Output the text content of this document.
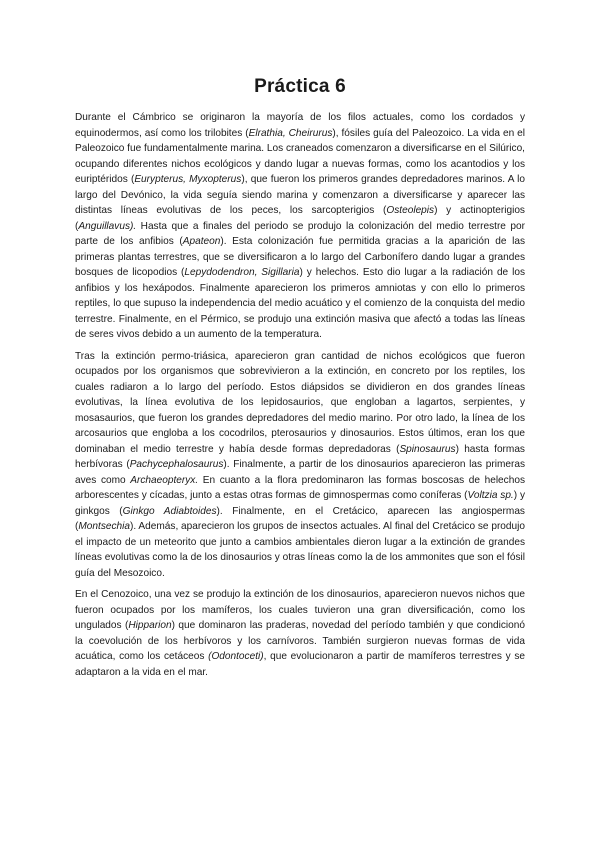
Práctica 6

Durante el Cámbrico se originaron la mayoría de los filos actuales, como los cordados y equinodermos, así como los trilobites (Elrathia, Cheirurus), fósiles guía del Paleozoico. La vida en el Paleozoico fue fundamentalmente marina. Los craneados comenzaron a diversificarse en el Silúrico, ocupando diferentes nichos ecológicos y dando lugar a nuevas formas, como los acantodios y los euriptéridos (Eurypterus, Myxopterus), que fueron los primeros grandes depredadores marinos. A lo largo del Devónico, la vida seguía siendo marina y comenzaron a diversificarse y aparecer las distintas líneas evolutivas de los peces, los sarcopterigios (Osteolepis) y actinopterigios (Anguillavus). Hasta que a finales del periodo se produjo la colonización del medio terrestre por parte de los anfibios (Apateon). Esta colonización fue permitida gracias a la aparición de las primeras plantas terrestres, que se diversificaron a lo largo del Carbonífero dando lugar a grandes bosques de licopodios (Lepydodendron, Sigillaria) y helechos. Esto dio lugar a la radiación de los anfibios y los hexápodos. Finalmente aparecieron los primeros amniotas y con ello lo primeros reptiles, lo que supuso la independencia del medio acuático y el comienzo de la conquista del medio terrestre. Finalmente, en el Pérmico, se produjo una extinción masiva que afectó a todas las líneas de seres vivos debido a un aumento de la temperatura.

Tras la extinción permo-triásica, aparecieron gran cantidad de nichos ecológicos que fueron ocupados por los organismos que sobrevivieron a la extinción, en concreto por los reptiles, los cuales radiaron a lo largo del período. Estos diápsidos se dividieron en dos grandes líneas evolutivas, la línea evolutiva de los lepidosaurios, que engloban a lagartos, serpientes, y mosasaurios, que fueron los grandes depredadores del medio marino. Por otro lado, la línea de los arcosaurios que engloba a los cocodrilos, pterosaurios y dinosaurios. Estos últimos, eran los que dominaban el medio terrestre y había desde formas depredadoras (Spinosaurus) hasta formas herbívoras (Pachycephalosaurus). Finalmente, a partir de los dinosaurios aparecieron las primeras aves como Archaeopteryx. En cuanto a la flora predominaron las formas boscosas de helechos arborescentes y cícadas, junto a estas otras formas de gimnospermas como coníferas (Voltzia sp.) y ginkgos (Ginkgo Adiabtoides). Finalmente, en el Cretácico, aparecen las angiospermas (Montsechia). Además, aparecieron los grupos de insectos actuales. Al final del Cretácico se produjo el impacto de un meteorito que junto a cambios ambientales dieron lugar a la extinción de grandes líneas evolutivas como la de los dinosaurios y otras líneas como la de los ammonites que son el fósil guía del Mesozoico.

En el Cenozoico, una vez se produjo la extinción de los dinosaurios, aparecieron nuevos nichos que fueron ocupados por los mamíferos, los cuales tuvieron una gran diversificación, como los ungulados (Hipparion) que dominaron las praderas, novedad del período también y que condicionó la coevolución de los herbívoros y los carnívoros. También surgieron nuevas formas de vida acuática, como los cetáceos (Odontoceti), que evolucionaron a partir de mamíferos terrestres y se adaptaron a la vida en el mar.
